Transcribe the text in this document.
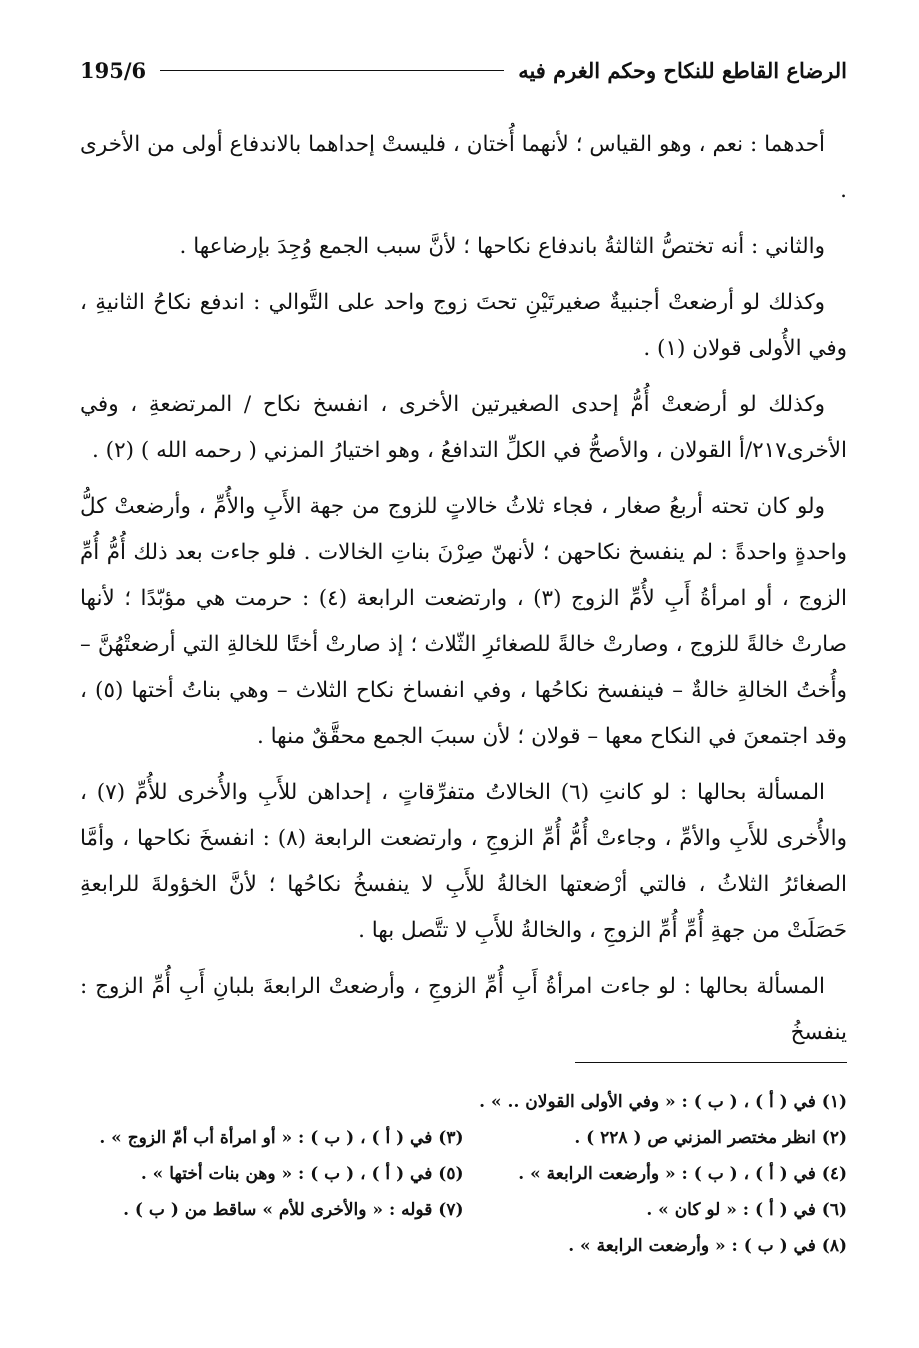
الرضاع القاطع للنكاح وحكم الغرم فيه
195/6

أحدهما : نعم ، وهو القياس ؛ لأنهما أُختان ، فليستْ إحداهما بالاندفاع أولى من الأخرى .

والثاني : أنه تختصُّ الثالثةُ باندفاع نكاحها ؛ لأنَّ سبب الجمع وُجِدَ بإرضاعها .

وكذلك لو أرضعتْ أجنبيةٌ صغيرتَيْنِ تحتَ زوج واحد على التَّوالي : اندفع نكاحُ الثانيةِ ، وفي الأُولى قولان (١) .

وكذلك لو أرضعتْ أُمُّ إحدى الصغيرتين الأخرى ، انفسخ نكاح / المرتضعةِ ، وفي الأخرى٢١٧/أ القولان ، والأصحُّ في الكلِّ التدافعُ ، وهو اختيارُ المزني ( رحمه الله ) (٢) .

ولو كان تحته أربعُ صغار ، فجاء ثلاثُ خالاتٍ للزوج من جهة الأَبِ والأُمِّ ، وأرضعتْ كلُّ واحدةٍ واحدةً : لم ينفسخ نكاحهن ؛ لأنهنّ صِرْنَ بناتِ الخالات . فلو جاءت بعد ذلك أُمُّ أُمِّ الزوج ، أو امرأةُ أَبِ لأُمِّ الزوج (٣) ، وارتضعت الرابعة (٤) : حرمت هي مؤبّدًا ؛ لأنها صارتْ خالةً للزوج ، وصارتْ خالةً للصغائرِ الثّلاث ؛ إذ صارتْ أختًا للخالةِ التي أرضعتْهُنَّ – وأُختُ الخالةِ خالةٌ – فينفسخ نكاحُها ، وفي انفساخ نكاح الثلاث – وهي بناتُ أختها (٥) ، وقد اجتمعنَ في النكاح معها – قولان ؛ لأن سببَ الجمع محقَّقٌ منها .

المسألة بحالها : لو كانتِ (٦) الخالاتُ متفرِّقاتٍ ، إحداهن للأَبِ والأُخرى للأُمِّ (٧) ، والأُخرى للأَبِ والأمِّ ، وجاءتْ أُمُّ أُمِّ الزوجِ ، وارتضعت الرابعة (٨) : انفسخَ نكاحها ، وأمَّا الصغائرُ الثلاثُ ، فالتي أرْضعتها الخالةُ للأَبِ لا ينفسخُ نكاحُها ؛ لأنَّ الخؤولةَ للرابعةِ حَصَلَتْ من جهةِ أُمِّ أُمِّ الزوجِ ، والخالةُ للأَبِ لا تتَّصل بها .

المسألة بحالها : لو جاءت امرأةُ أَبِ أُمِّ الزوجِ ، وأرضعتْ الرابعةَ بلبانِ أَبِ أُمِّ الزوج : ينفسخُ

(١) في ( أ ) ، ( ب ) : « وفي الأولى القولان .. » .
(٢) انظر مختصر المزني ص ( ٢٢٨ ) .
(٣) في ( أ ) ، ( ب ) : « أو امرأة أب أمّ الزوج » .
(٤) في ( أ ) ، ( ب ) : « وأرضعت الرابعة » .
(٥) في ( أ ) ، ( ب ) : « وهن بنات أختها » .
(٦) في ( أ ) : « لو كان » .
(٧) قوله : « والأخرى للأم » ساقط من ( ب ) .
(٨) في ( ب ) : « وأرضعت الرابعة » .
